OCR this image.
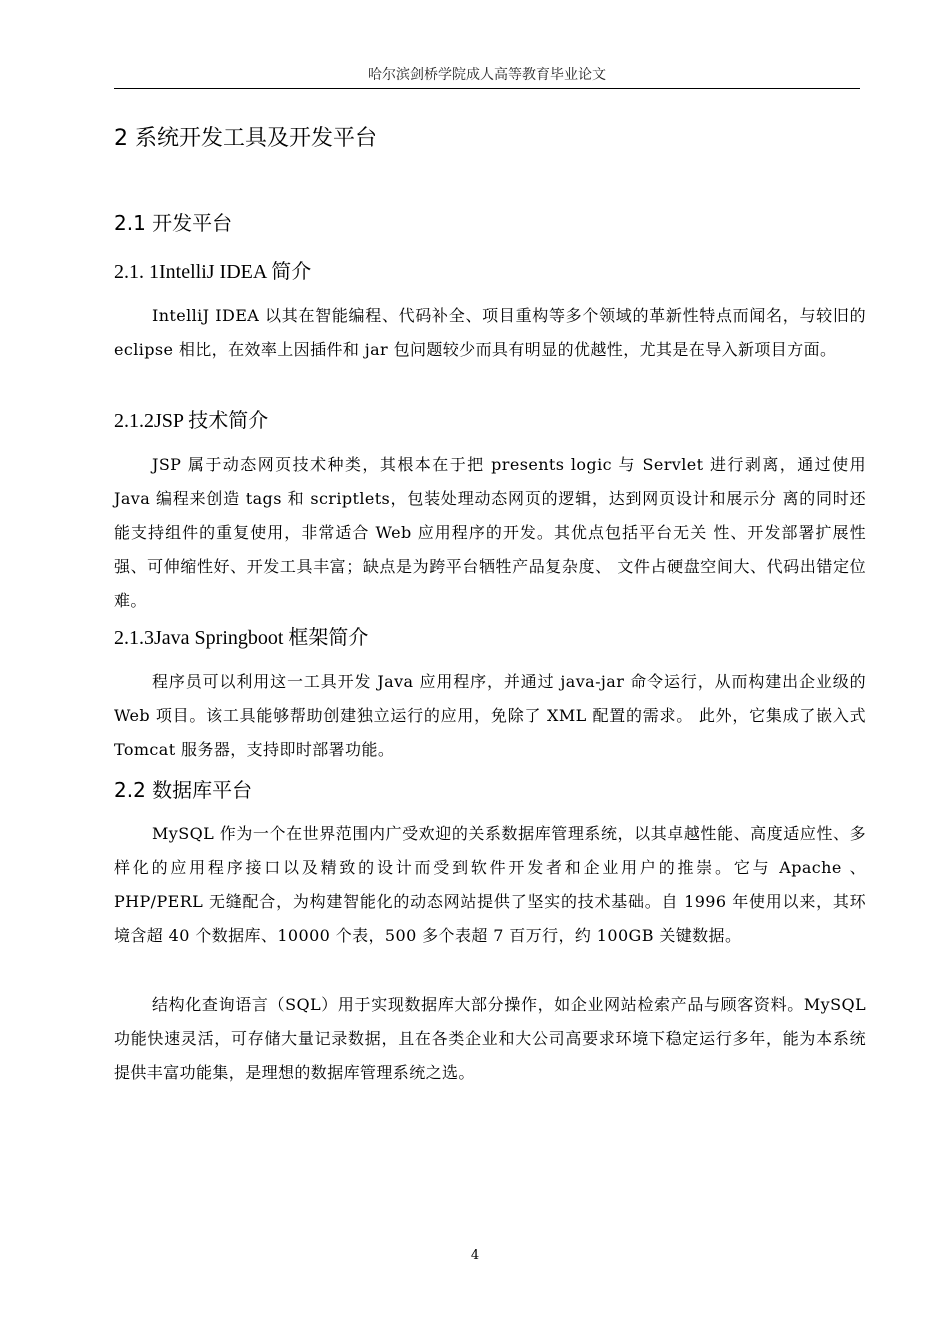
哈尔滨剑桥学院成人高等教育毕业论文
2 系统开发工具及开发平台
2.1 开发平台
2.1. 1IntelliJ IDEA 简介
IntelliJ IDEA 以其在智能编程、代码补全、项目重构等多个领域的革新性特点而闻名，与较旧的 eclipse 相比，在效率上因插件和 jar 包问题较少而具有明显的优越性，尤其是在导入新项目方面。
2.1.2JSP 技术简介
JSP 属于动态网页技术种类，其根本在于把 presents logic 与 Servlet 进行剥离，通过使用 Java 编程来创造 tags 和 scriptlets，包装处理动态网页的逻辑，达到网页设计和展示分 离的同时还能支持组件的重复使用，非常适合 Web 应用程序的开发。其优点包括平台无关 性、开发部署扩展性强、可伸缩性好、开发工具丰富；缺点是为跨平台牺牲产品复杂度、 文件占硬盘空间大、代码出错定位难。
2.1.3Java Springboot 框架简介
程序员可以利用这一工具开发 Java 应用程序，并通过 java-jar 命令运行，从而构建出企业级的 Web 项目。该工具能够帮助创建独立运行的应用，免除了 XML 配置的需求。 此外，它集成了嵌入式 Tomcat 服务器，支持即时部署功能。
2.2 数据库平台
MySQL 作为一个在世界范围内广受欢迎的关系数据库管理系统，以其卓越性能、高度适应性、多样化的应用程序接口以及精致的设计而受到软件开发者和企业用户的推崇。它与 Apache 、PHP/PERL 无缝配合，为构建智能化的动态网站提供了坚实的技术基础。自 1996 年使用以来，其环境含超 40 个数据库、10000 个表，500 多个表超 7 百万行，约 100GB 关键数据。
结构化查询语言（SQL）用于实现数据库大部分操作，如企业网站检索产品与顾客资料。MySQL 功能快速灵活，可存储大量记录数据，且在各类企业和大公司高要求环境下稳定运行多年，能为本系统提供丰富功能集，是理想的数据库管理系统之选。
4
